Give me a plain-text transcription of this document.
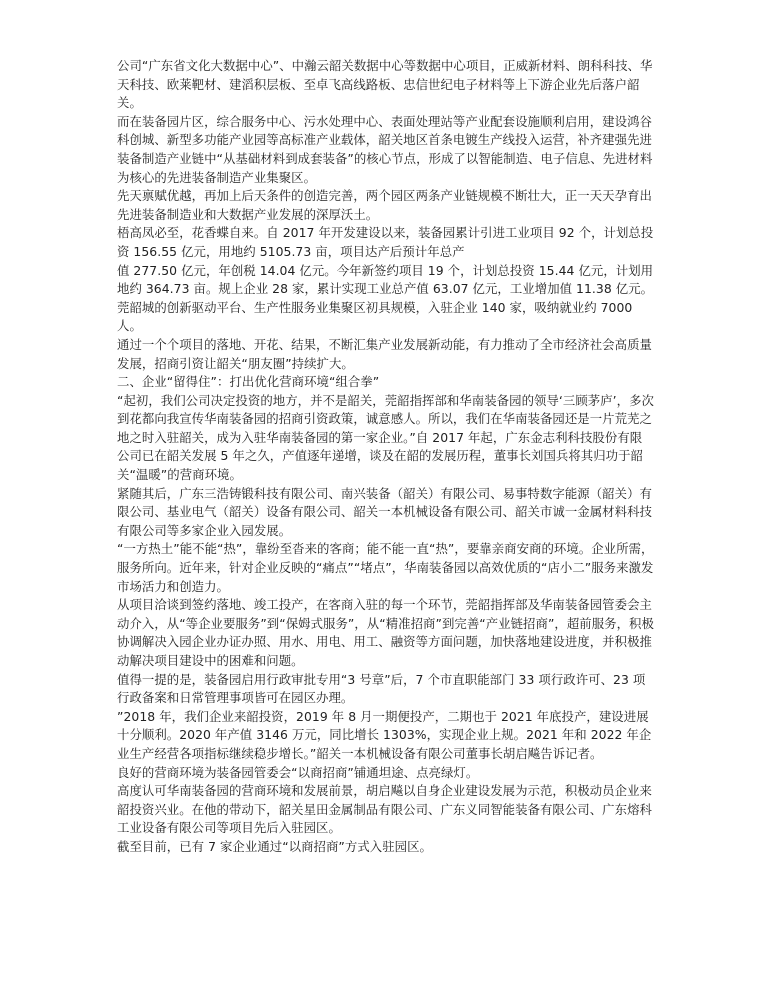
公司“广东省文化大数据中心”、中瀚云韶关数据中心等数据中心项目，正威新材料、朗科科技、华天科技、欧莱靶材、建滔积层板、至卓飞高线路板、忠信世纪电子材料等上下游企业先后落户韶关。

而在装备园片区，综合服务中心、污水处理中心、表面处理站等产业配套设施顺利启用，建设鸿谷科创城、新型多功能产业园等高标准产业载体，韶关地区首条电镀生产线投入运营，补齐建强先进装备制造产业链中“从基础材料到成套装备”的核心节点，形成了以智能制造、电子信息、先进材料为核心的先进装备制造产业集聚区。

先天禀赋优越，再加上后天条件的创造完善，两个园区两条产业链规模不断壮大，正一天天孕育出先进装备制造业和大数据产业发展的深厚沃土。

梧高凤必至，花香蝶自来。自 2017 年开发建设以来，装备园累计引进工业项目 92 个，计划总投资 156.55 亿元，用地约 5105.73 亩，项目达产后预计年总产

值 277.50 亿元，年创税 14.04 亿元。今年新签约项目 19 个，计划总投资 15.44 亿元，计划用地约 364.73 亩。规上企业 28 家，累计实现工业总产值 63.07 亿元，工业增加值 11.38 亿元。莞韶城的创新驱动平台、生产性服务业集聚区初具规模，入驻企业 140 家，吸纳就业约 7000 人。

通过一个个项目的落地、开花、结果，不断汇集产业发展新动能，有力推动了全市经济社会高质量发展，招商引资让韶关“朋友圈”持续扩大。

二、企业“留得住”：打出优化营商环境“组合拳”

“起初，我们公司决定投资的地方，并不是韶关，莞韶指挥部和华南装备园的领导‘三顾茅庐’，多次到花都向我宣传华南装备园的招商引资政策，诚意感人。所以，我们在华南装备园还是一片荒芜之地之时入驻韶关，成为入驻华南装备园的第一家企业。”自 2017 年起，广东金志利科技股份有限公司已在韶关发展 5 年之久，产值逐年递增，谈及在韶的发展历程，董事长刘国兵将其归功于韶关“温暖”的营商环境。

紧随其后，广东三浩铸锻科技有限公司、南兴装备（韶关）有限公司、易事特数字能源（韶关）有限公司、基业电气（韶关）设备有限公司、韶关一本机械设备有限公司、韶关市诚一金属材料科技有限公司等多家企业入园发展。

“一方热土”能不能“热”，靠纷至沓来的客商；能不能一直“热”，要靠亲商安商的环境。企业所需，服务所向。近年来，针对企业反映的“痛点”“堵点”，华南装备园以高效优质的“店小二”服务来激发市场活力和创造力。

从项目洽谈到签约落地、竣工投产，在客商入驻的每一个环节，莞韶指挥部及华南装备园管委会主动介入，从“等企业要服务”到“保姆式服务”，从“精准招商”到完善“产业链招商”，超前服务，积极协调解决入园企业办证办照、用水、用电、用工、融资等方面问题，加快落地建设进度，并积极推动解决项目建设中的困难和问题。

值得一提的是，装备园启用行政审批专用“3 号章”后，7 个市直职能部门 33 项行政许可、23 项行政备案和日常管理事项皆可在园区办理。

”2018 年，我们企业来韶投资，2019 年 8 月一期便投产，二期也于 2021 年底投产，建设进展十分顺利。2020 年产值 3146 万元，同比增长 1303%，实现企业上规。2021 年和 2022 年企业生产经营各项指标继续稳步增长。”韶关一本机械设备有限公司董事长胡启飚告诉记者。

良好的营商环境为装备园管委会“以商招商”铺通坦途、点亮绿灯。

高度认可华南装备园的营商环境和发展前景，胡启飚以自身企业建设发展为示范，积极动员企业来韶投资兴业。在他的带动下，韶关星田金属制品有限公司、广东义同智能装备有限公司、广东熔科工业设备有限公司等项目先后入驻园区。

截至目前，已有 7 家企业通过“以商招商”方式入驻园区。
